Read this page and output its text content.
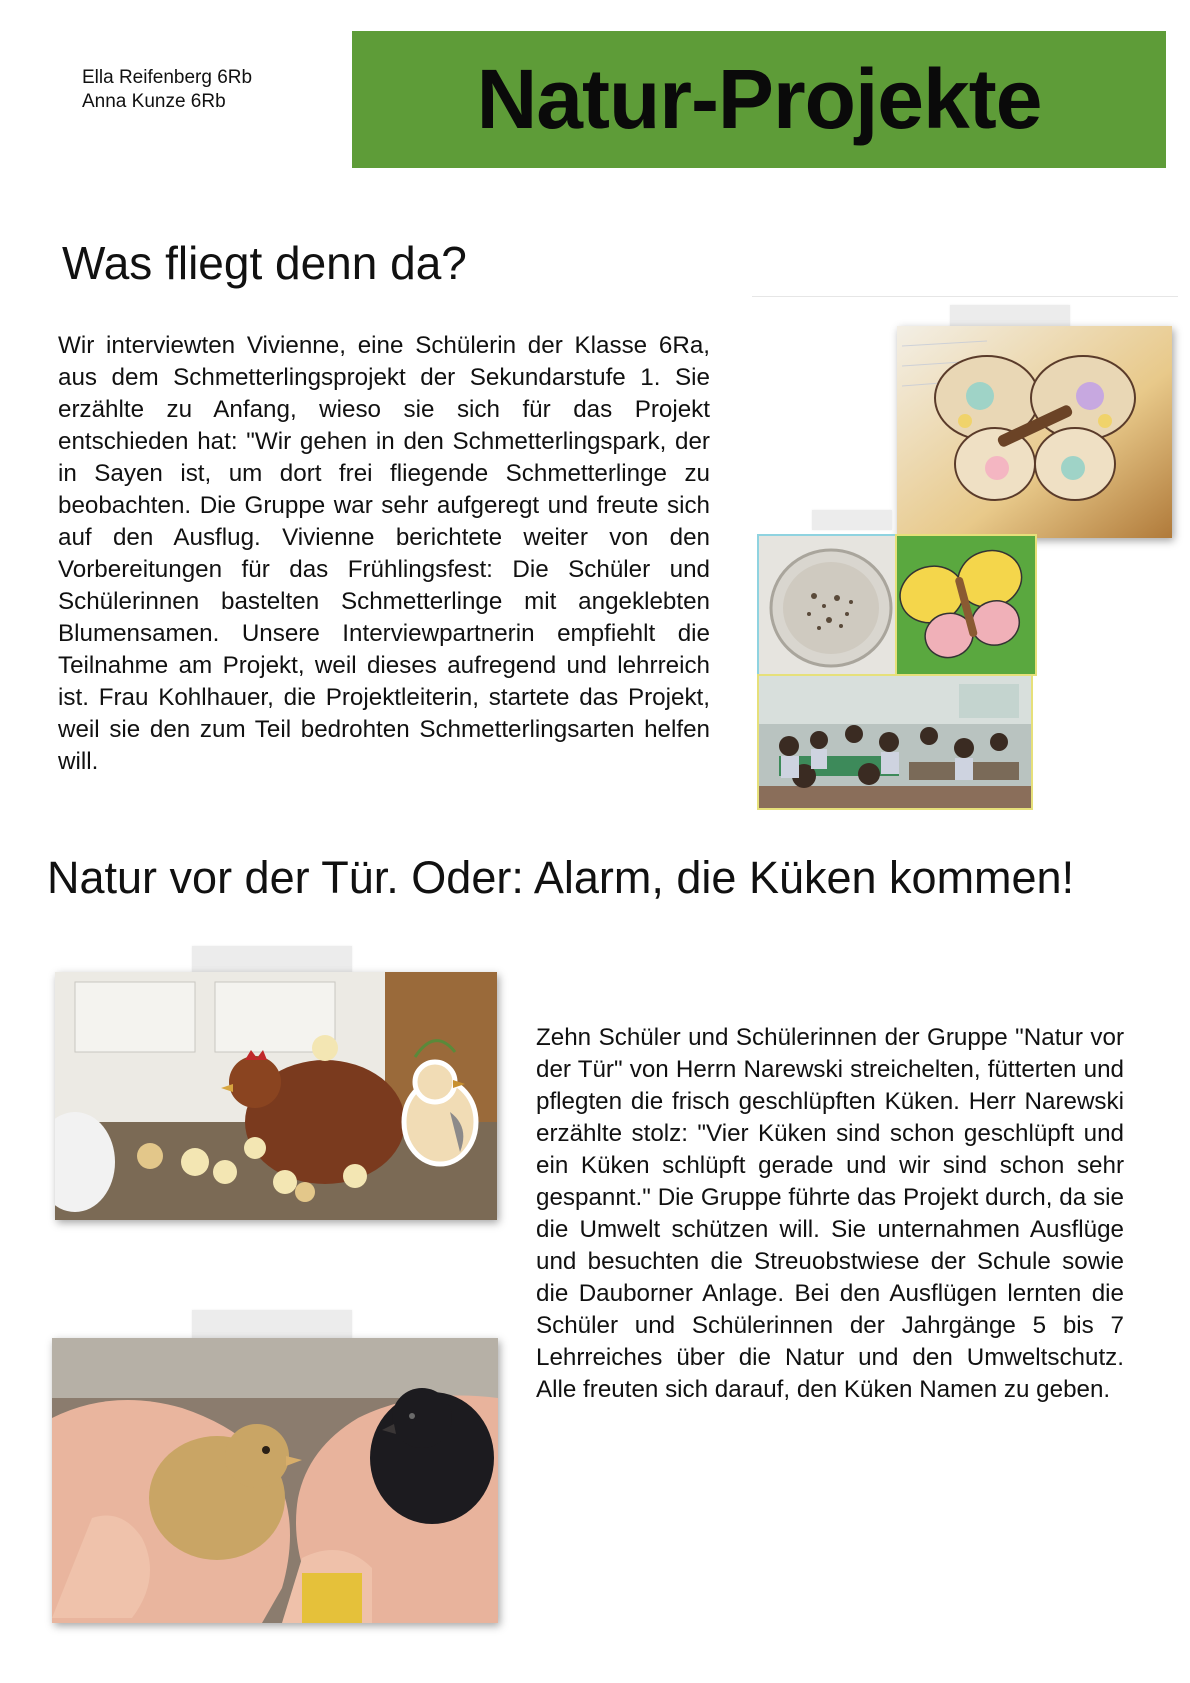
Ella Reifenberg 6Rb
Anna Kunze 6Rb	Natur-Projekte
Was fliegt denn da?

Wir interviewten Vivienne, eine Schülerin der Klasse 6Ra, aus dem Schmetterlingsprojekt der Sekundarstufe 1. Sie erzählte zu Anfang, wieso sie sich für das Projekt entschieden hat: "Wir gehen in den Schmetterlingspark, der in Sayen ist, um dort frei fliegende Schmetterlinge zu beobachten. Die Gruppe war sehr aufgeregt und freute sich auf den Ausflug. Vivienne berichtete weiter von den Vorbereitungen für das Frühlingsfest: Die Schüler und Schülerinnen bastelten Schmetterlinge mit angeklebten Blumensamen. Unsere Interviewpartnerin empfiehlt die Teilnahme am Projekt, weil dieses aufregend und lehrreich ist. Frau Kohlhauer, die Projektleiterin, startete das Projekt, weil sie den zum Teil bedrohten Schmetterlingsarten helfen will.

Natur vor der Tür. Oder: Alarm, die Küken kommen!

Zehn Schüler und Schülerinnen der Gruppe "Natur vor der Tür" von Herrn Narewski streichelten, fütterten und pflegten die frisch geschlüpften Küken. Herr Narewski erzählte stolz: "Vier Küken sind schon geschlüpft und ein Küken schlüpft gerade und wir sind schon sehr gespannt." Die Gruppe führte das Projekt durch, da sie die Umwelt schützen will. Sie unternahmen Ausflüge und besuchten die Streuobstwiese der Schule sowie die Dauborner Anlage. Bei den Ausflügen lernten die Schüler und Schülerinnen der Jahrgänge 5 bis 7 Lehrreiches über die Natur und den Umweltschutz. Alle freuten sich darauf, den Küken Namen zu geben.
